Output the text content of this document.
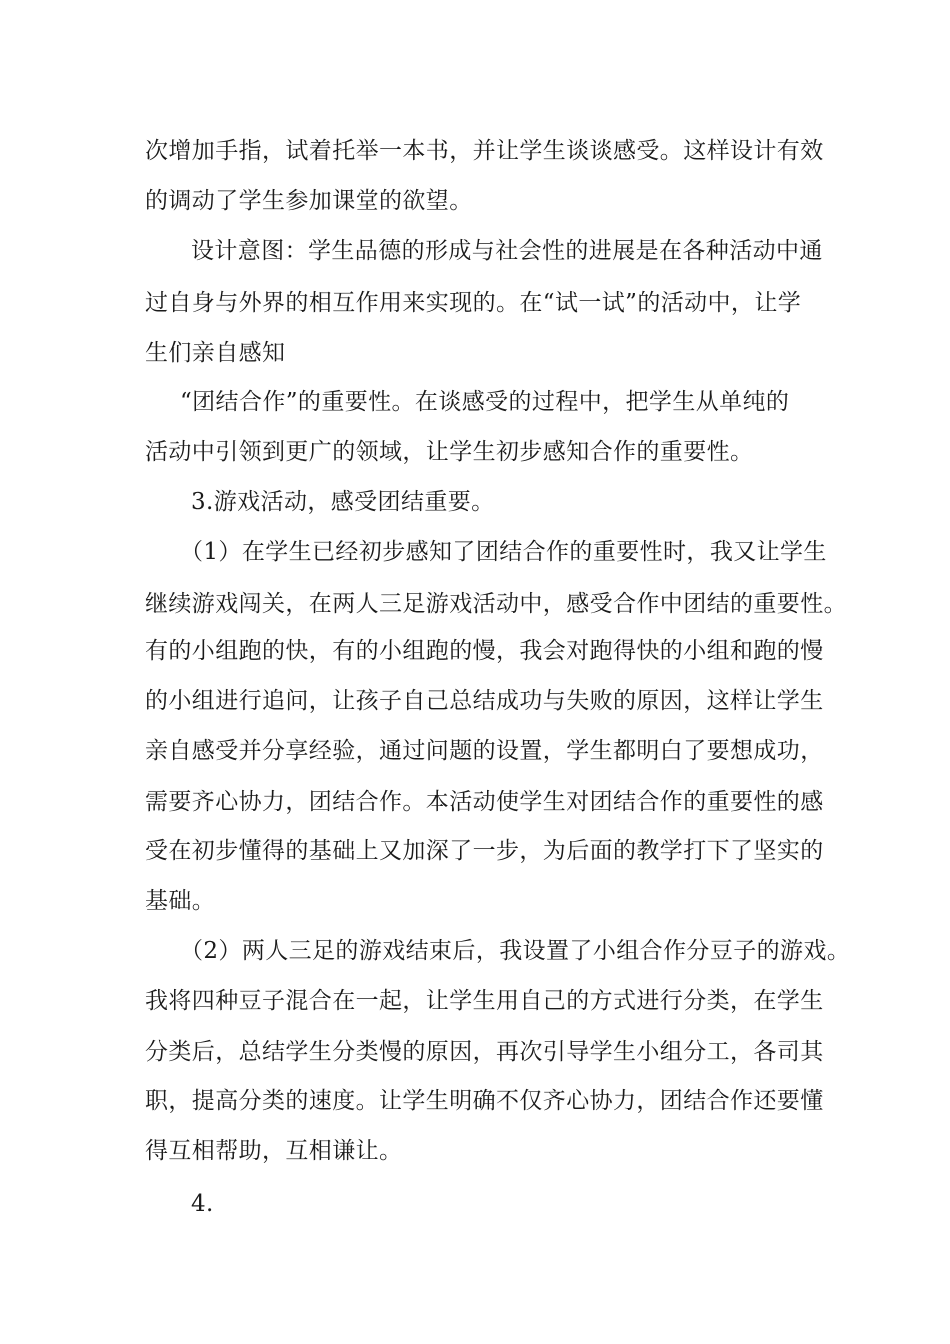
次增加手指，试着托举一本书，并让学生谈谈感受。这样设计有效
的调动了学生参加课堂的欲望。
设计意图：学生品德的形成与社会性的进展是在各种活动中通
过自身与外界的相互作用来实现的。在“试一试”的活动中，让学
生们亲自感知
“团结合作”的重要性。在谈感受的过程中，把学生从单纯的
活动中引领到更广的领域，让学生初步感知合作的重要性。
3.游戏活动，感受团结重要。
（1）在学生已经初步感知了团结合作的重要性时，我又让学生
继续游戏闯关，在两人三足游戏活动中，感受合作中团结的重要性。
有的小组跑的快，有的小组跑的慢，我会对跑得快的小组和跑的慢
的小组进行追问，让孩子自己总结成功与失败的原因，这样让学生
亲自感受并分享经验，通过问题的设置，学生都明白了要想成功，
需要齐心协力，团结合作。本活动使学生对团结合作的重要性的感
受在初步懂得的基础上又加深了一步，为后面的教学打下了坚实的
基础。
（2）两人三足的游戏结束后，我设置了小组合作分豆子的游戏。
我将四种豆子混合在一起，让学生用自己的方式进行分类，在学生
分类后，总结学生分类慢的原因，再次引导学生小组分工，各司其
职，提高分类的速度。让学生明确不仅齐心协力，团结合作还要懂
得互相帮助，互相谦让。
4.
